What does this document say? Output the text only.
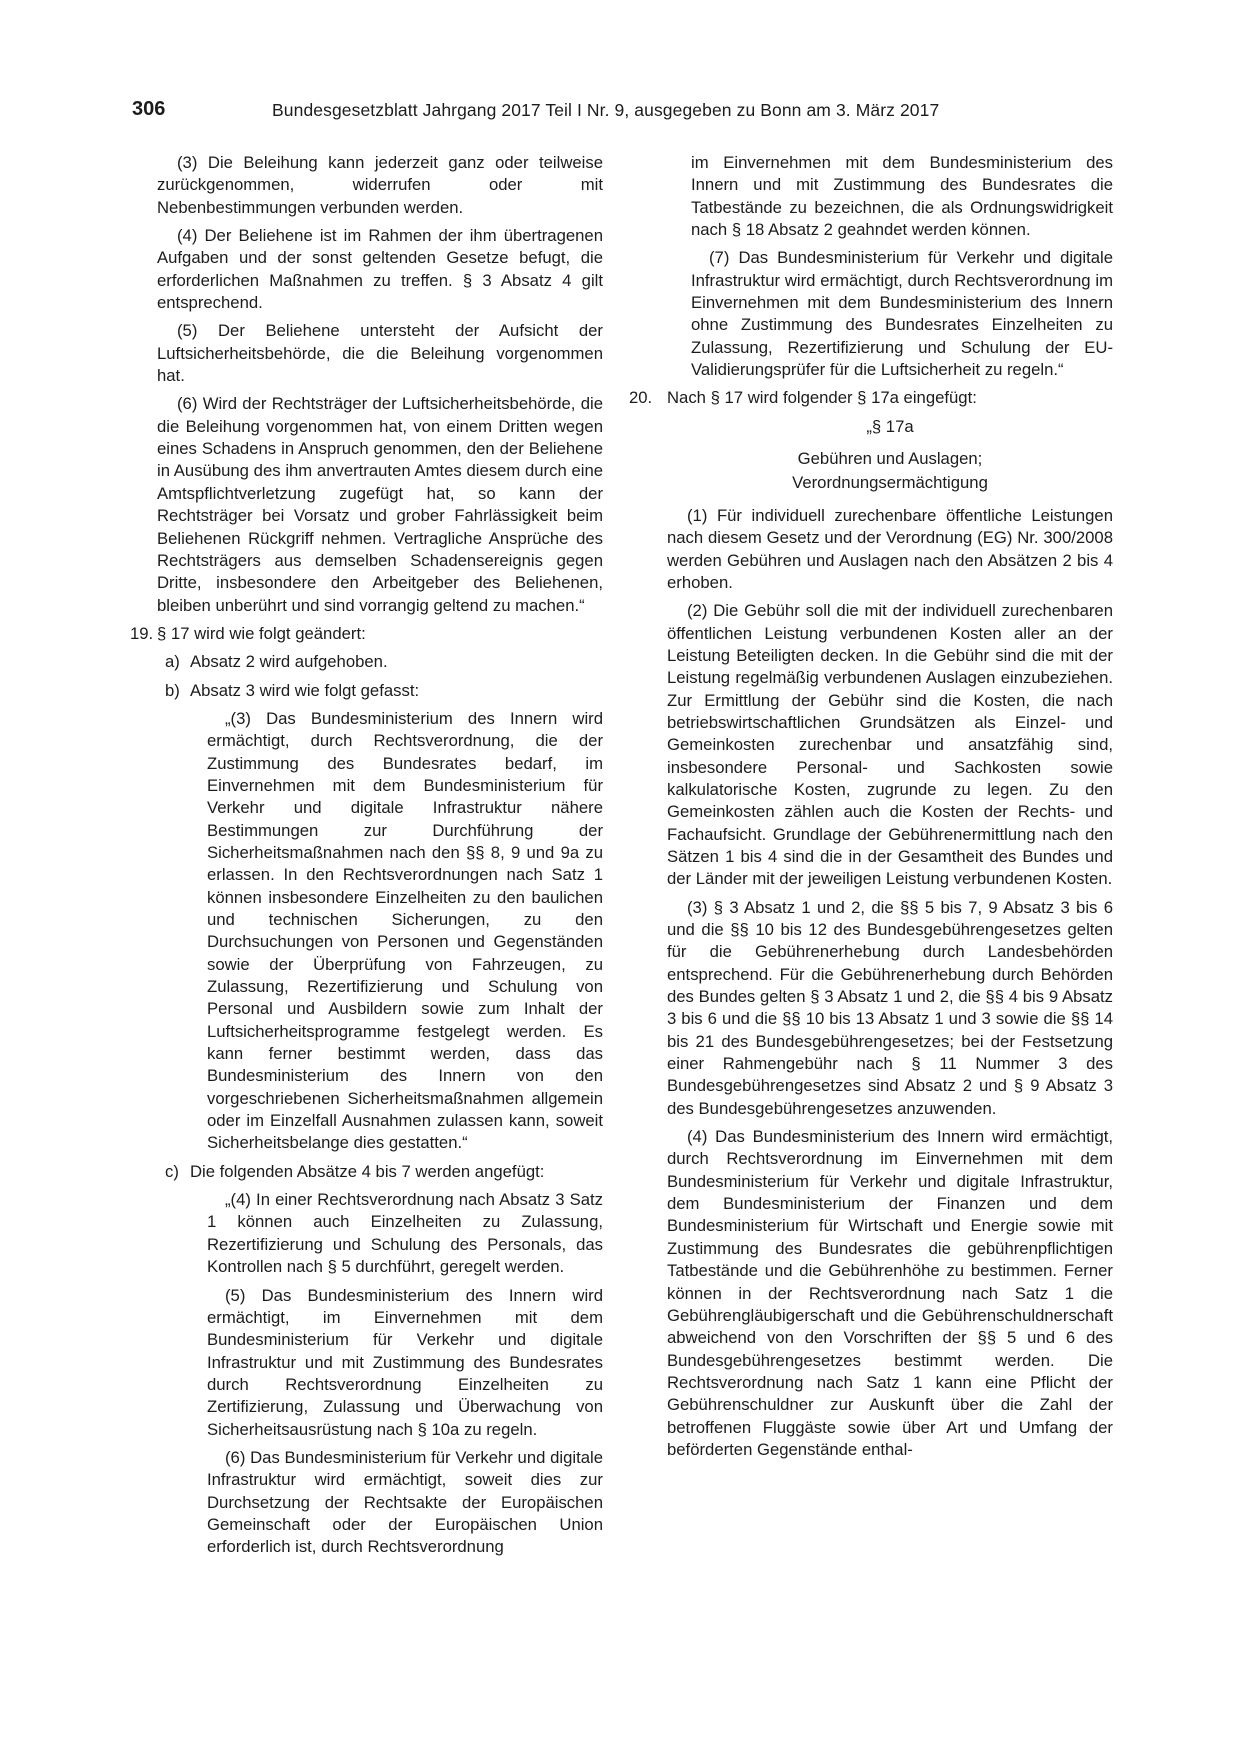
306	Bundesgesetzblatt Jahrgang 2017 Teil I Nr. 9, ausgegeben zu Bonn am 3. März 2017

(3) Die Beleihung kann jederzeit ganz oder teilweise zurückgenommen, widerrufen oder mit Nebenbestimmungen verbunden werden.

(4) Der Beliehene ist im Rahmen der ihm übertragenen Aufgaben und der sonst geltenden Gesetze befugt, die erforderlichen Maßnahmen zu treffen. § 3 Absatz 4 gilt entsprechend.

(5) Der Beliehene untersteht der Aufsicht der Luftsicherheitsbehörde, die die Beleihung vorgenommen hat.

(6) Wird der Rechtsträger der Luftsicherheitsbehörde, die die Beleihung vorgenommen hat, von einem Dritten wegen eines Schadens in Anspruch genommen, den der Beliehene in Ausübung des ihm anvertrauten Amtes diesem durch eine Amtspflichtverletzung zugefügt hat, so kann der Rechtsträger bei Vorsatz und grober Fahrlässigkeit beim Beliehenen Rückgriff nehmen. Vertragliche Ansprüche des Rechtsträgers aus demselben Schadensereignis gegen Dritte, insbesondere den Arbeitgeber des Beliehenen, bleiben unberührt und sind vorrangig geltend zu machen.“

19. § 17 wird wie folgt geändert:
a) Absatz 2 wird aufgehoben.
b) Absatz 3 wird wie folgt gefasst:

„(3) Das Bundesministerium des Innern wird ermächtigt, durch Rechtsverordnung, die der Zustimmung des Bundesrates bedarf, im Einvernehmen mit dem Bundesministerium für Verkehr und digitale Infrastruktur nähere Bestimmungen zur Durchführung der Sicherheitsmaßnahmen nach den §§ 8, 9 und 9a zu erlassen. In den Rechtsverordnungen nach Satz 1 können insbesondere Einzelheiten zu den baulichen und technischen Sicherungen, zu den Durchsuchungen von Personen und Gegenständen sowie der Überprüfung von Fahrzeugen, zu Zulassung, Rezertifizierung und Schulung von Personal und Ausbildern sowie zum Inhalt der Luftsicherheitsprogramme festgelegt werden. Es kann ferner bestimmt werden, dass das Bundesministerium des Innern von den vorgeschriebenen Sicherheitsmaßnahmen allgemein oder im Einzelfall Ausnahmen zulassen kann, soweit Sicherheitsbelange dies gestatten.“

c) Die folgenden Absätze 4 bis 7 werden angefügt:

„(4) In einer Rechtsverordnung nach Absatz 3 Satz 1 können auch Einzelheiten zu Zulassung, Rezertifizierung und Schulung des Personals, das Kontrollen nach § 5 durchführt, geregelt werden.

(5) Das Bundesministerium des Innern wird ermächtigt, im Einvernehmen mit dem Bundesministerium für Verkehr und digitale Infrastruktur und mit Zustimmung des Bundesrates durch Rechtsverordnung Einzelheiten zu Zertifizierung, Zulassung und Überwachung von Sicherheitsausrüstung nach § 10a zu regeln.

(6) Das Bundesministerium für Verkehr und digitale Infrastruktur wird ermächtigt, soweit dies zur Durchsetzung der Rechtsakte der Europäischen Gemeinschaft oder der Europäischen Union erforderlich ist, durch Rechtsverordnung

im Einvernehmen mit dem Bundesministerium des Innern und mit Zustimmung des Bundesrates die Tatbestände zu bezeichnen, die als Ordnungswidrigkeit nach § 18 Absatz 2 geahndet werden können.

(7) Das Bundesministerium für Verkehr und digitale Infrastruktur wird ermächtigt, durch Rechtsverordnung im Einvernehmen mit dem Bundesministerium des Innern ohne Zustimmung des Bundesrates Einzelheiten zu Zulassung, Rezertifizierung und Schulung der EU-Validierungsprüfer für die Luftsicherheit zu regeln.“

20. Nach § 17 wird folgender § 17a eingefügt:

„§ 17a

Gebühren und Auslagen;

Verordnungsermächtigung

(1) Für individuell zurechenbare öffentliche Leistungen nach diesem Gesetz und der Verordnung (EG) Nr. 300/2008 werden Gebühren und Auslagen nach den Absätzen 2 bis 4 erhoben.

(2) Die Gebühr soll die mit der individuell zurechenbaren öffentlichen Leistung verbundenen Kosten aller an der Leistung Beteiligten decken. In die Gebühr sind die mit der Leistung regelmäßig verbundenen Auslagen einzubeziehen. Zur Ermittlung der Gebühr sind die Kosten, die nach betriebswirtschaftlichen Grundsätzen als Einzel- und Gemeinkosten zurechenbar und ansatzfähig sind, insbesondere Personal- und Sachkosten sowie kalkulatorische Kosten, zugrunde zu legen. Zu den Gemeinkosten zählen auch die Kosten der Rechts- und Fachaufsicht. Grundlage der Gebührenermittlung nach den Sätzen 1 bis 4 sind die in der Gesamtheit des Bundes und der Länder mit der jeweiligen Leistung verbundenen Kosten.

(3) § 3 Absatz 1 und 2, die §§ 5 bis 7, 9 Absatz 3 bis 6 und die §§ 10 bis 12 des Bundesgebührengesetzes gelten für die Gebührenerhebung durch Landesbehörden entsprechend. Für die Gebührenerhebung durch Behörden des Bundes gelten § 3 Absatz 1 und 2, die §§ 4 bis 9 Absatz 3 bis 6 und die §§ 10 bis 13 Absatz 1 und 3 sowie die §§ 14 bis 21 des Bundesgebührengesetzes; bei der Festsetzung einer Rahmengebühr nach § 11 Nummer 3 des Bundesgebührengesetzes sind Absatz 2 und § 9 Absatz 3 des Bundesgebührengesetzes anzuwenden.

(4) Das Bundesministerium des Innern wird ermächtigt, durch Rechtsverordnung im Einvernehmen mit dem Bundesministerium für Verkehr und digitale Infrastruktur, dem Bundesministerium der Finanzen und dem Bundesministerium für Wirtschaft und Energie sowie mit Zustimmung des Bundesrates die gebührenpflichtigen Tatbestände und die Gebührenhöhe zu bestimmen. Ferner können in der Rechtsverordnung nach Satz 1 die Gebührengläubigerschaft und die Gebührenschuldnerschaft abweichend von den Vorschriften der §§ 5 und 6 des Bundesgebührengesetzes bestimmt werden. Die Rechtsverordnung nach Satz 1 kann eine Pflicht der Gebührenschuldner zur Auskunft über die Zahl der betroffenen Fluggäste sowie über Art und Umfang der beförderten Gegenstände enthal-
